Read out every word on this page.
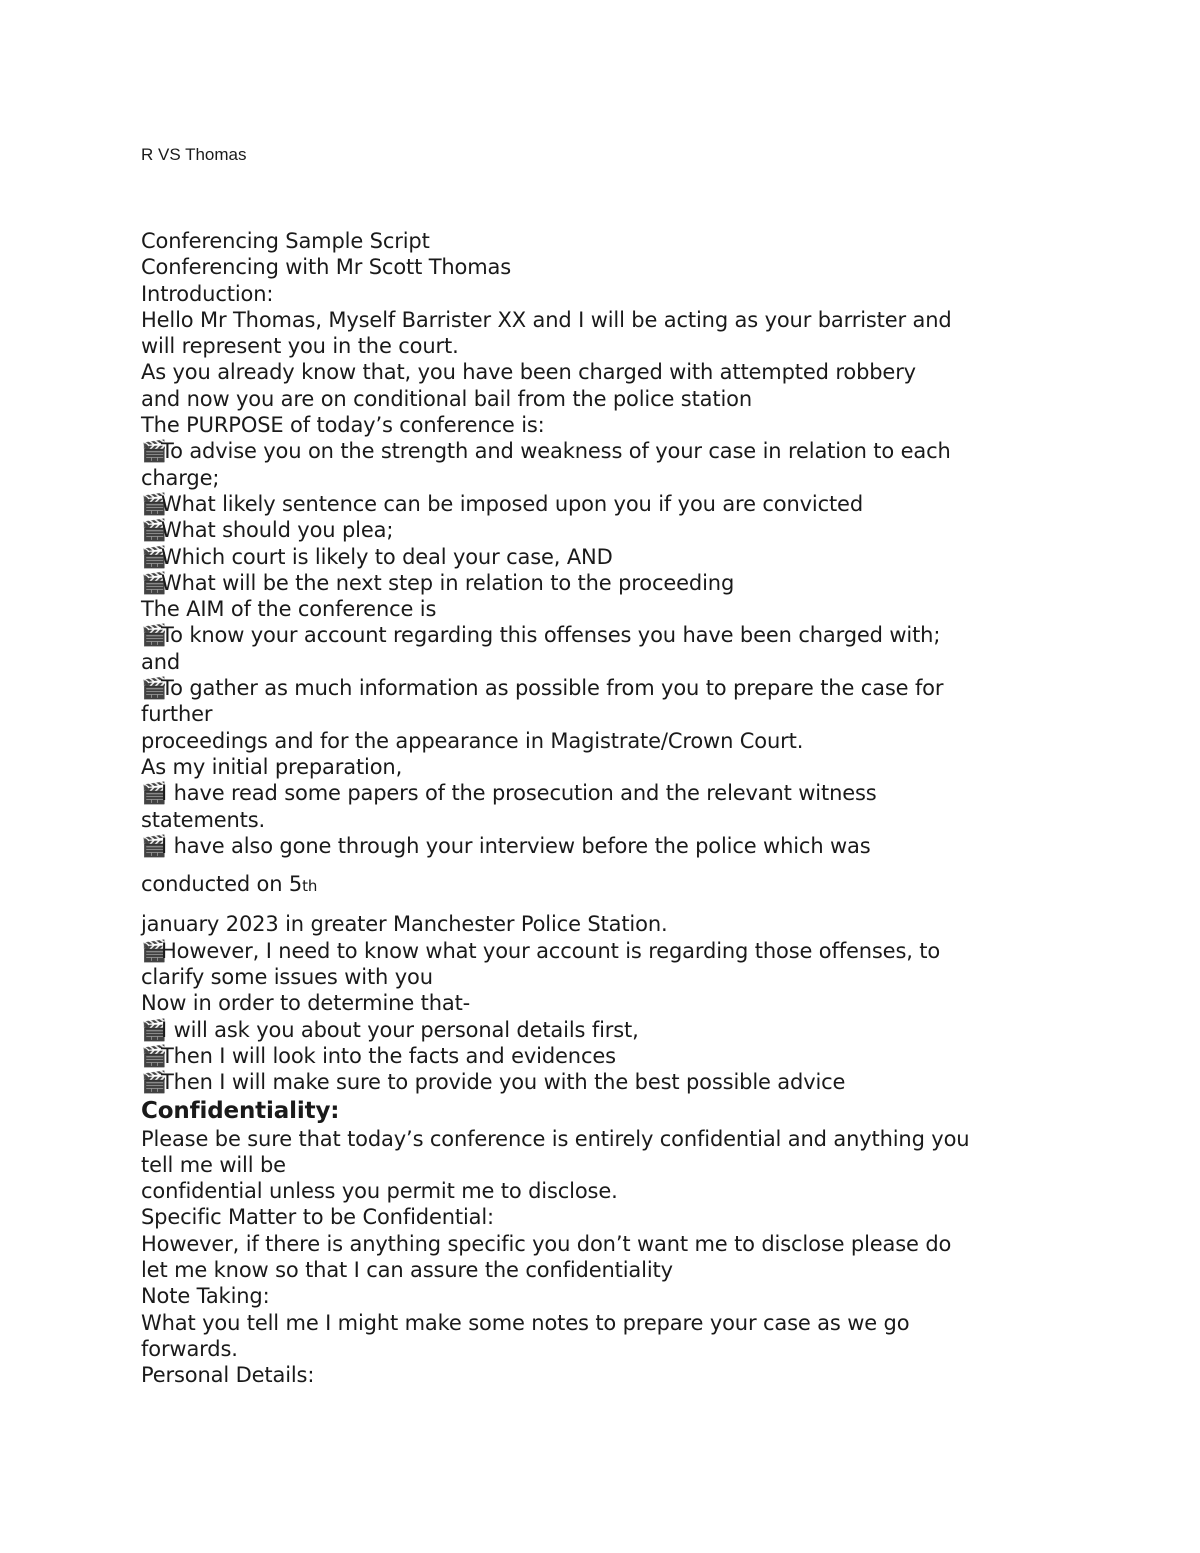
R VS Thomas

Conferencing Sample Script

Conferencing with Mr Scott Thomas

Introduction:

Hello Mr Thomas, Myself Barrister XX and I will be acting as your barrister and

will represent you in the court.

As you already know that, you have been charged with attempted robbery

and now you are on conditional bail from the police station

The PURPOSE of today’s conference is:

🎬To advise you on the strength and weakness of your case in relation to each

charge;

🎬What likely sentence can be imposed upon you if you are convicted

🎬What should you plea;

🎬Which court is likely to deal your case, AND

🎬What will be the next step in relation to the proceeding

The AIM of the conference is

🎬To know your account regarding this offenses you have been charged with;

and

🎬To gather as much information as possible from you to prepare the case for

further

proceedings and for the appearance in Magistrate/Crown Court.

As my initial preparation,

🎬I have read some papers of the prosecution and the relevant witness

statements.

🎬I have also gone through your interview before the police which was

conducted on 5th

january 2023 in greater Manchester Police Station.

🎬However, I need to know what your account is regarding those offenses, to

clarify some issues with you

Now in order to determine that-

🎬I will ask you about your personal details first,

🎬Then I will look into the facts and evidences

🎬Then I will make sure to provide you with the best possible advice

Confidentiality:

Please be sure that today’s conference is entirely confidential and anything you

tell me will be

confidential unless you permit me to disclose.

Specific Matter to be Confidential:

However, if there is anything specific you don’t want me to disclose please do

let me know so that I can assure the confidentiality

Note Taking:

What you tell me I might make some notes to prepare your case as we go

forwards.

Personal Details:
